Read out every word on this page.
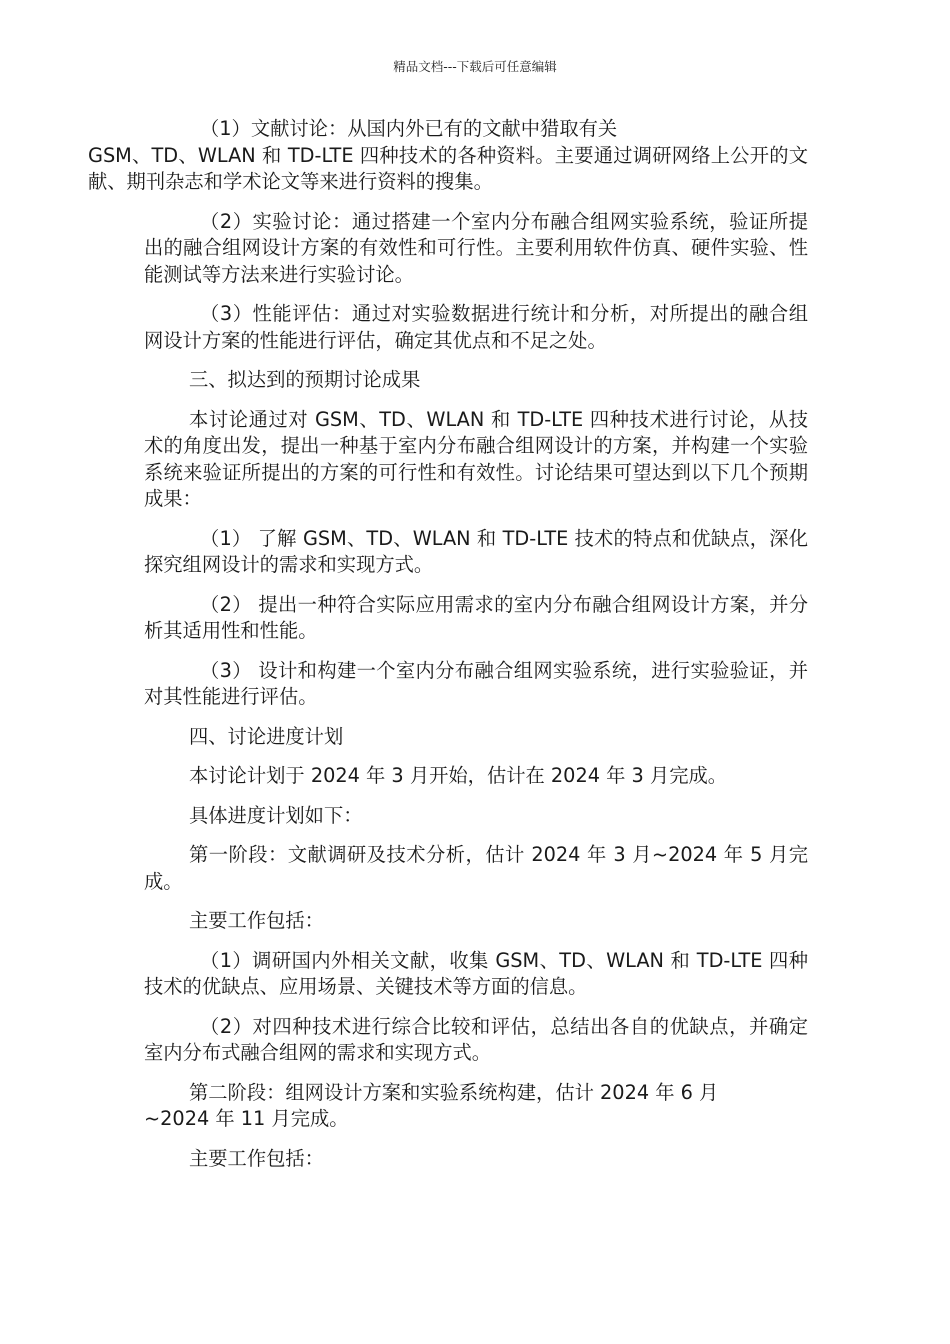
精品文档---下载后可任意编辑

（1）文献讨论：从国内外已有的文献中猎取有关
GSM、TD、WLAN 和 TD-LTE 四种技术的各种资料。主要通过调研网络上公开的文献、期刊杂志和学术论文等来进行资料的搜集。

（2）实验讨论：通过搭建一个室内分布融合组网实验系统，验证所提出的融合组网设计方案的有效性和可行性。主要利用软件仿真、硬件实验、性能测试等方法来进行实验讨论。

（3）性能评估：通过对实验数据进行统计和分析，对所提出的融合组网设计方案的性能进行评估，确定其优点和不足之处。

三、拟达到的预期讨论成果

本讨论通过对 GSM、TD、WLAN 和 TD-LTE 四种技术进行讨论，从技术的角度出发，提出一种基于室内分布融合组网设计的方案，并构建一个实验系统来验证所提出的方案的可行性和有效性。讨论结果可望达到以下几个预期成果：

（1） 了解 GSM、TD、WLAN 和 TD-LTE 技术的特点和优缺点，深化探究组网设计的需求和实现方式。

（2） 提出一种符合实际应用需求的室内分布融合组网设计方案，并分析其适用性和性能。

（3） 设计和构建一个室内分布融合组网实验系统，进行实验验证，并对其性能进行评估。

四、讨论进度计划

本讨论计划于 2024 年 3 月开始，估计在 2024 年 3 月完成。

具体进度计划如下：

第一阶段：文献调研及技术分析，估计 2024 年 3 月~2024 年 5 月完成。

主要工作包括：

（1）调研国内外相关文献，收集 GSM、TD、WLAN 和 TD-LTE 四种技术的优缺点、应用场景、关键技术等方面的信息。

（2）对四种技术进行综合比较和评估，总结出各自的优缺点，并确定室内分布式融合组网的需求和实现方式。

第二阶段：组网设计方案和实验系统构建，估计 2024 年 6 月
~2024 年 11 月完成。

主要工作包括：
